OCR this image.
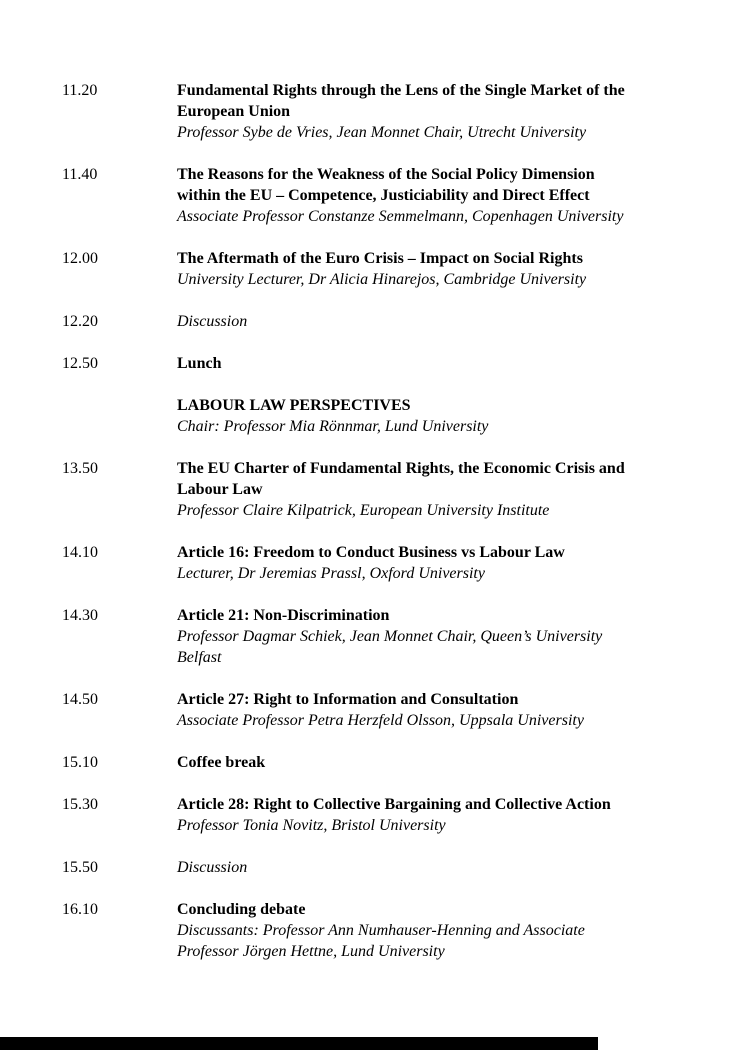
11.20	Fundamental Rights through the Lens of the Single Market of the
European Union
Professor Sybe de Vries, Jean Monnet Chair, Utrecht University
11.40	The Reasons for the Weakness of the Social Policy Dimension
within the EU – Competence, Justiciability and Direct Effect
Associate Professor Constanze Semmelmann, Copenhagen University
12.00	The Aftermath of the Euro Crisis – Impact on Social Rights
University Lecturer, Dr Alicia Hinarejos, Cambridge University
12.20	Discussion
12.50	Lunch
LABOUR LAW PERSPECTIVES
Chair: Professor Mia Rönnmar, Lund University
13.50	The EU Charter of Fundamental Rights, the Economic Crisis and
Labour Law
Professor Claire Kilpatrick, European University Institute
14.10	Article 16: Freedom to Conduct Business vs Labour Law
Lecturer, Dr Jeremias Prassl, Oxford University
14.30	Article 21: Non-Discrimination
Professor Dagmar Schiek, Jean Monnet Chair, Queen’s University
Belfast
14.50	Article 27: Right to Information and Consultation
Associate Professor Petra Herzfeld Olsson, Uppsala University
15.10	Coffee break
15.30	Article 28: Right to Collective Bargaining and Collective Action
Professor Tonia Novitz, Bristol University
15.50	Discussion
16.10	Concluding debate
Discussants: Professor Ann Numhauser-Henning and Associate
Professor Jörgen Hettne, Lund University
